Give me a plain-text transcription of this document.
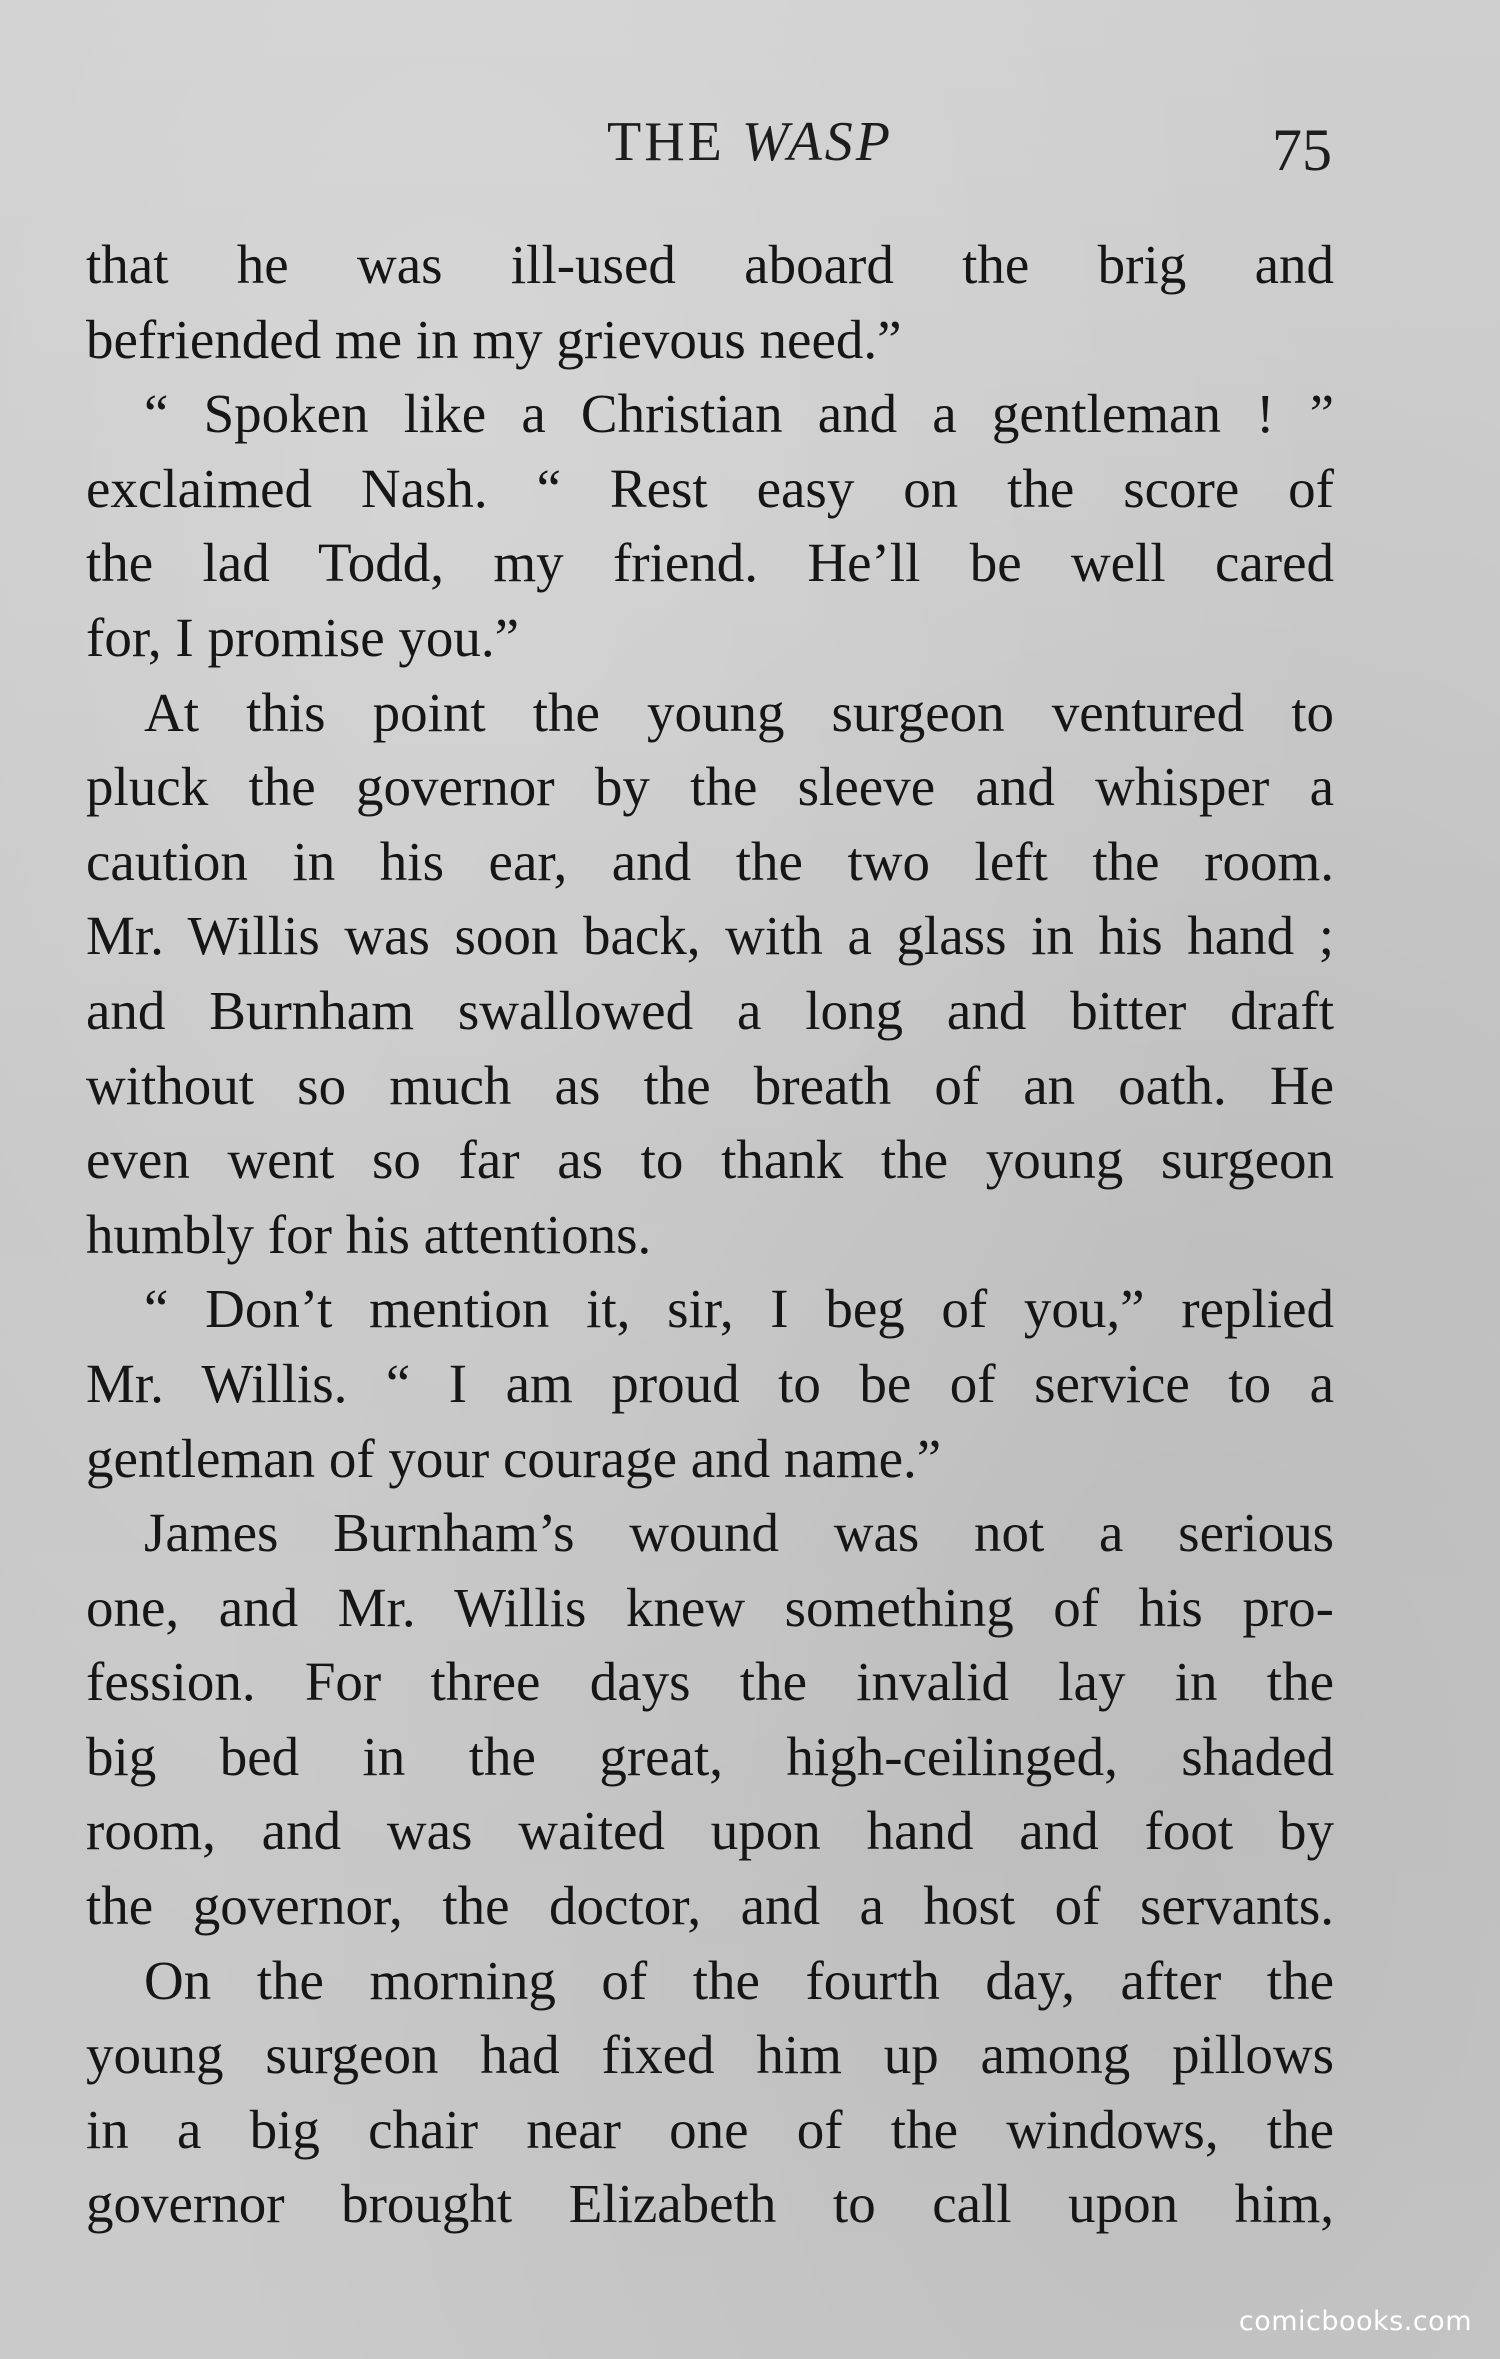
THE WASP	75
that he was ill-used aboard the brig and
befriended me in my grievous need.”
“ Spoken like a Christian and a gentleman ! ”
exclaimed Nash. “ Rest easy on the score of
the lad Todd, my friend. He’ll be well cared
for, I promise you.”
At this point the young surgeon ventured to
pluck the governor by the sleeve and whisper a
caution in his ear, and the two left the room.
Mr. Willis was soon back, with a glass in his hand ;
and Burnham swallowed a long and bitter draft
without so much as the breath of an oath. He
even went so far as to thank the young surgeon
humbly for his attentions.
“ Don’t mention it, sir, I beg of you,” replied
Mr. Willis. “ I am proud to be of service to a
gentleman of your courage and name.”
James Burnham’s wound was not a serious
one, and Mr. Willis knew something of his pro-
fession. For three days the invalid lay in the
big bed in the great, high-ceilinged, shaded
room, and was waited upon hand and foot by
the governor, the doctor, and a host of servants.
On the morning of the fourth day, after the
young surgeon had fixed him up among pillows
in a big chair near one of the windows, the
governor brought Elizabeth to call upon him,
comicbooks.com
